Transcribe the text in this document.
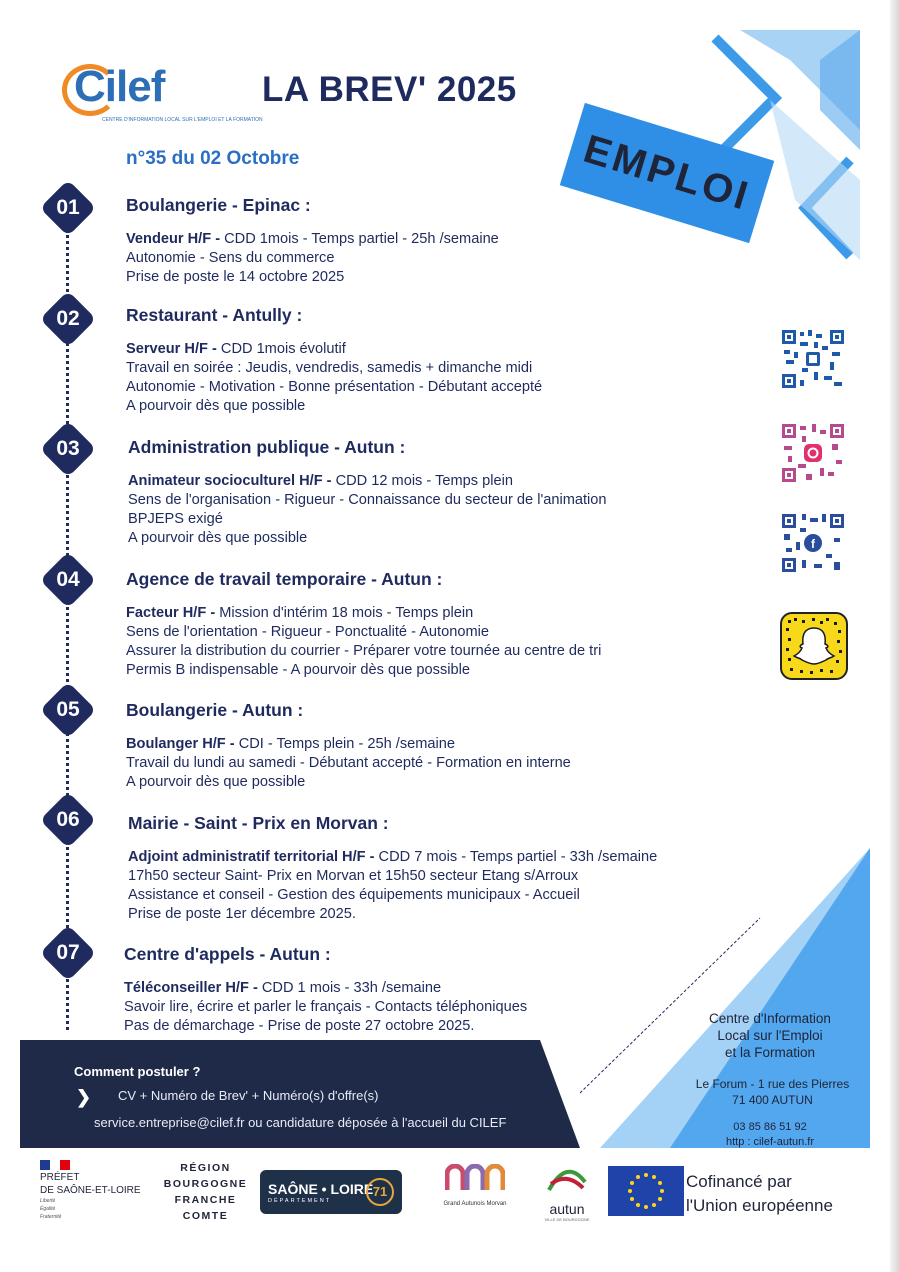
Cilef
CENTRE D'INFORMATION LOCAL SUR L'EMPLOI ET LA FORMATION
LA BREV' 2025
n°35 du 02 Octobre	EMPLOI
01
02
03
04
05
06
07
Boulangerie - Epinac :
Vendeur H/F - CDD 1mois - Temps partiel - 25h /semaine
Autonomie - Sens du commerce
Prise de poste le 14 octobre 2025
Restaurant - Antully :
Serveur H/F - CDD 1mois évolutif
Travail en soirée : Jeudis, vendredis, samedis + dimanche midi
Autonomie - Motivation - Bonne présentation - Débutant accepté
A pourvoir dès que possible
Administration publique - Autun :
Animateur socioculturel H/F - CDD 12 mois - Temps plein
Sens de l'organisation - Rigueur - Connaissance du secteur de l'animation
BPJEPS exigé
A pourvoir dès que possible
Agence de travail temporaire - Autun :
Facteur H/F - Mission d'intérim 18 mois - Temps plein
Sens de l'orientation - Rigueur - Ponctualité - Autonomie
Assurer la distribution du courrier - Préparer votre tournée au centre de tri
Permis B indispensable - A pourvoir dès que possible
Boulangerie - Autun :
Boulanger H/F - CDI - Temps plein - 25h /semaine
Travail du lundi au samedi - Débutant accepté - Formation en interne
A pourvoir dès que possible
Mairie - Saint - Prix en Morvan :
Adjoint administratif territorial H/F - CDD 7 mois - Temps partiel - 33h /semaine
17h50 secteur Saint- Prix en Morvan et 15h50 secteur Etang s/Arroux
Assistance et conseil - Gestion des équipements municipaux - Accueil
Prise de poste 1er décembre 2025.
Centre d'appels - Autun :
Téléconseiller H/F - CDD 1 mois - 33h /semaine
Savoir lire, écrire et parler le français - Contacts téléphoniques
Pas de démarchage - Prise de poste 27 octobre 2025.
f
Centre d'Information
Local sur l'Emploi
et la Formation
Le Forum - 1 rue des Pierres
71 400 AUTUN
03 85 86 51 92
http : cilef-autun.fr
Comment postuler ?
❯ CV + Numéro de Brev' + Numéro(s) d'offre(s)
service.entreprise@cilef.fr ou candidature déposée à l'accueil du CILEF
PRÉFET
DE SAÔNE-ET-LOIRE
Liberté
Égalité
Fraternité
RÉGION
BOURGOGNE
FRANCHE
COMTE
SAÔNE • LOIRE
DÉPARTEMENT
71
Grand Autunois Morvan	autun
VILLE DE BOURGOGNE
Cofinancé par
l'Union européenne
